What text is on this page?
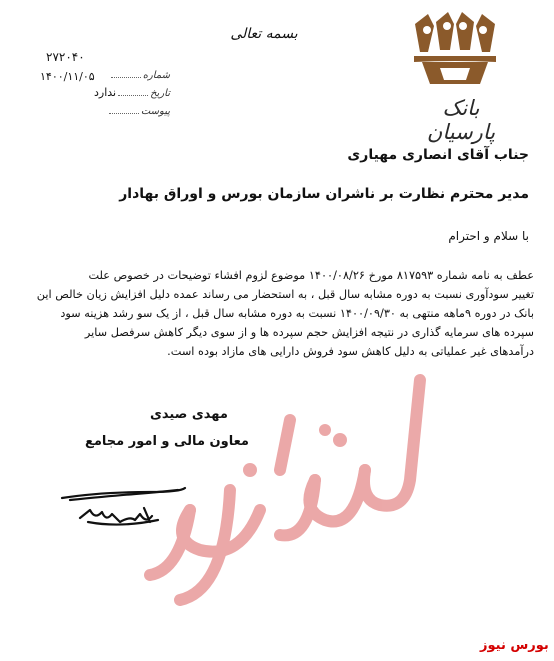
بانک پارسیان
بسمه تعالی
۲۷۲۰۴۰
شماره
۱۴۰۰/۱۱/۰۵
تاریخندارد
پیوست
جناب آقای انصاری مهیاری
مدیر محترم نظارت بر ناشران سازمان بورس و اوراق بهادار
با سلام و احترام
عطف به نامه شماره ۸۱۷۵۹۳ مورخ ۱۴۰۰/۰۸/۲۶ موضوع لزوم افشاء توضیحات در خصوص علت
تغییر سودآوری نسبت به دوره مشابه سال قبل ، به استحضار می رساند عمده دلیل افزایش زیان خالص این
بانک در دوره ۹ماهه منتهی به ۱۴۰۰/۰۹/۳۰ نسبت به دوره مشابه سال قبل ، از یک سو رشد هزینه سود
سپرده های سرمایه گذاری در نتیجه افزایش حجم سپرده ها و از سوی دیگر کاهش سرفصل سایر
درآمدهای غیر عملیاتی به دلیل کاهش سود فروش دارایی های مازاد بوده است.
مهدی صیدی
معاون مالی و امور مجامع
بورس نیوز
